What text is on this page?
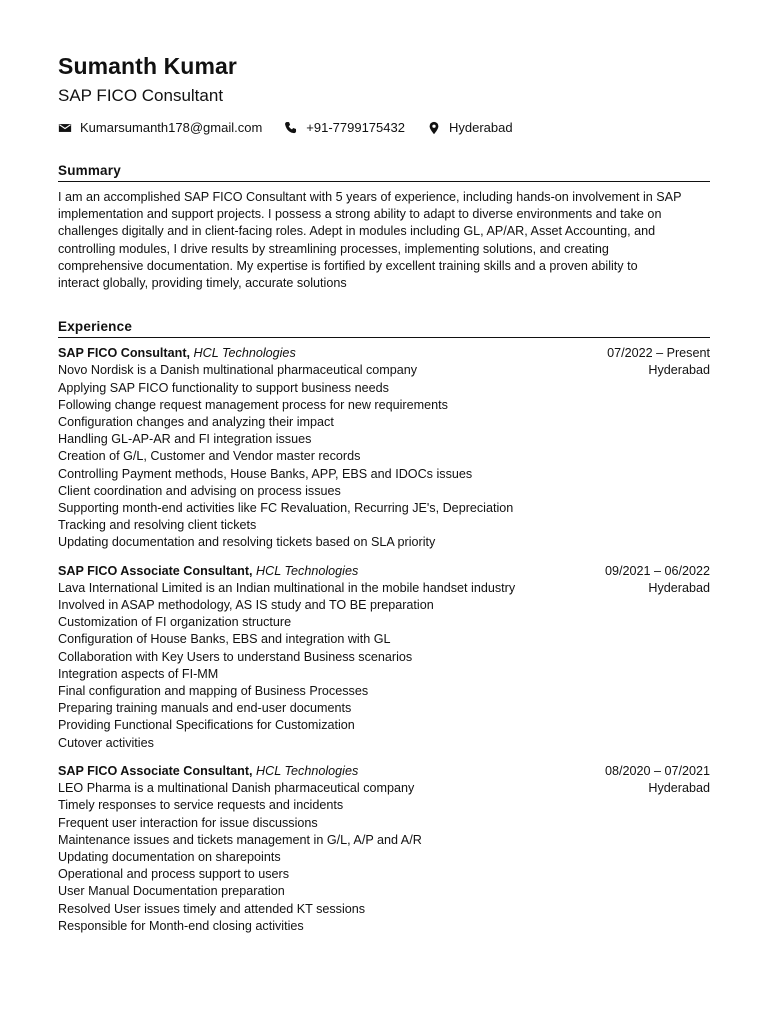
Sumanth Kumar
SAP FICO Consultant
Kumarsumanth178@gmail.com	+91-7799175432	Hyderabad
Summary
I am an accomplished SAP FICO Consultant with 5 years of experience, including hands-on involvement in SAP
implementation and support projects. I possess a strong ability to adapt to diverse environments and take on
challenges digitally and in client-facing roles. Adept in modules including GL, AP/AR, Asset Accounting, and
controlling modules, I drive results by streamlining processes, implementing solutions, and creating
comprehensive documentation. My expertise is fortified by excellent training skills and a proven ability to
interact globally, providing timely, accurate solutions
Experience
SAP FICO Consultant, HCL Technologies	07/2022 – Present
Novo Nordisk is a Danish multinational pharmaceutical company	Hyderabad
Applying SAP FICO functionality to support business needs
Following change request management process for new requirements
Configuration changes and analyzing their impact
Handling GL-AP-AR and FI integration issues
Creation of G/L, Customer and Vendor master records
Controlling Payment methods, House Banks, APP, EBS and IDOCs issues
Client coordination and advising on process issues
Supporting month-end activities like FC Revaluation, Recurring JE's, Depreciation
Tracking and resolving client tickets
Updating documentation and resolving tickets based on SLA priority
SAP FICO Associate Consultant, HCL Technologies	09/2021 – 06/2022
Lava International Limited is an Indian multinational in the mobile handset industry	Hyderabad
Involved in ASAP methodology, AS IS study and TO BE preparation
Customization of FI organization structure
Configuration of House Banks, EBS and integration with GL
Collaboration with Key Users to understand Business scenarios
Integration aspects of FI-MM
Final configuration and mapping of Business Processes
Preparing training manuals and end-user documents
Providing Functional Specifications for Customization
Cutover activities
SAP FICO Associate Consultant, HCL Technologies	08/2020 – 07/2021
LEO Pharma is a multinational Danish pharmaceutical company	Hyderabad
Timely responses to service requests and incidents
Frequent user interaction for issue discussions
Maintenance issues and tickets management in G/L, A/P and A/R
Updating documentation on sharepoints
Operational and process support to users
User Manual Documentation preparation
Resolved User issues timely and attended KT sessions
Responsible for Month-end closing activities
